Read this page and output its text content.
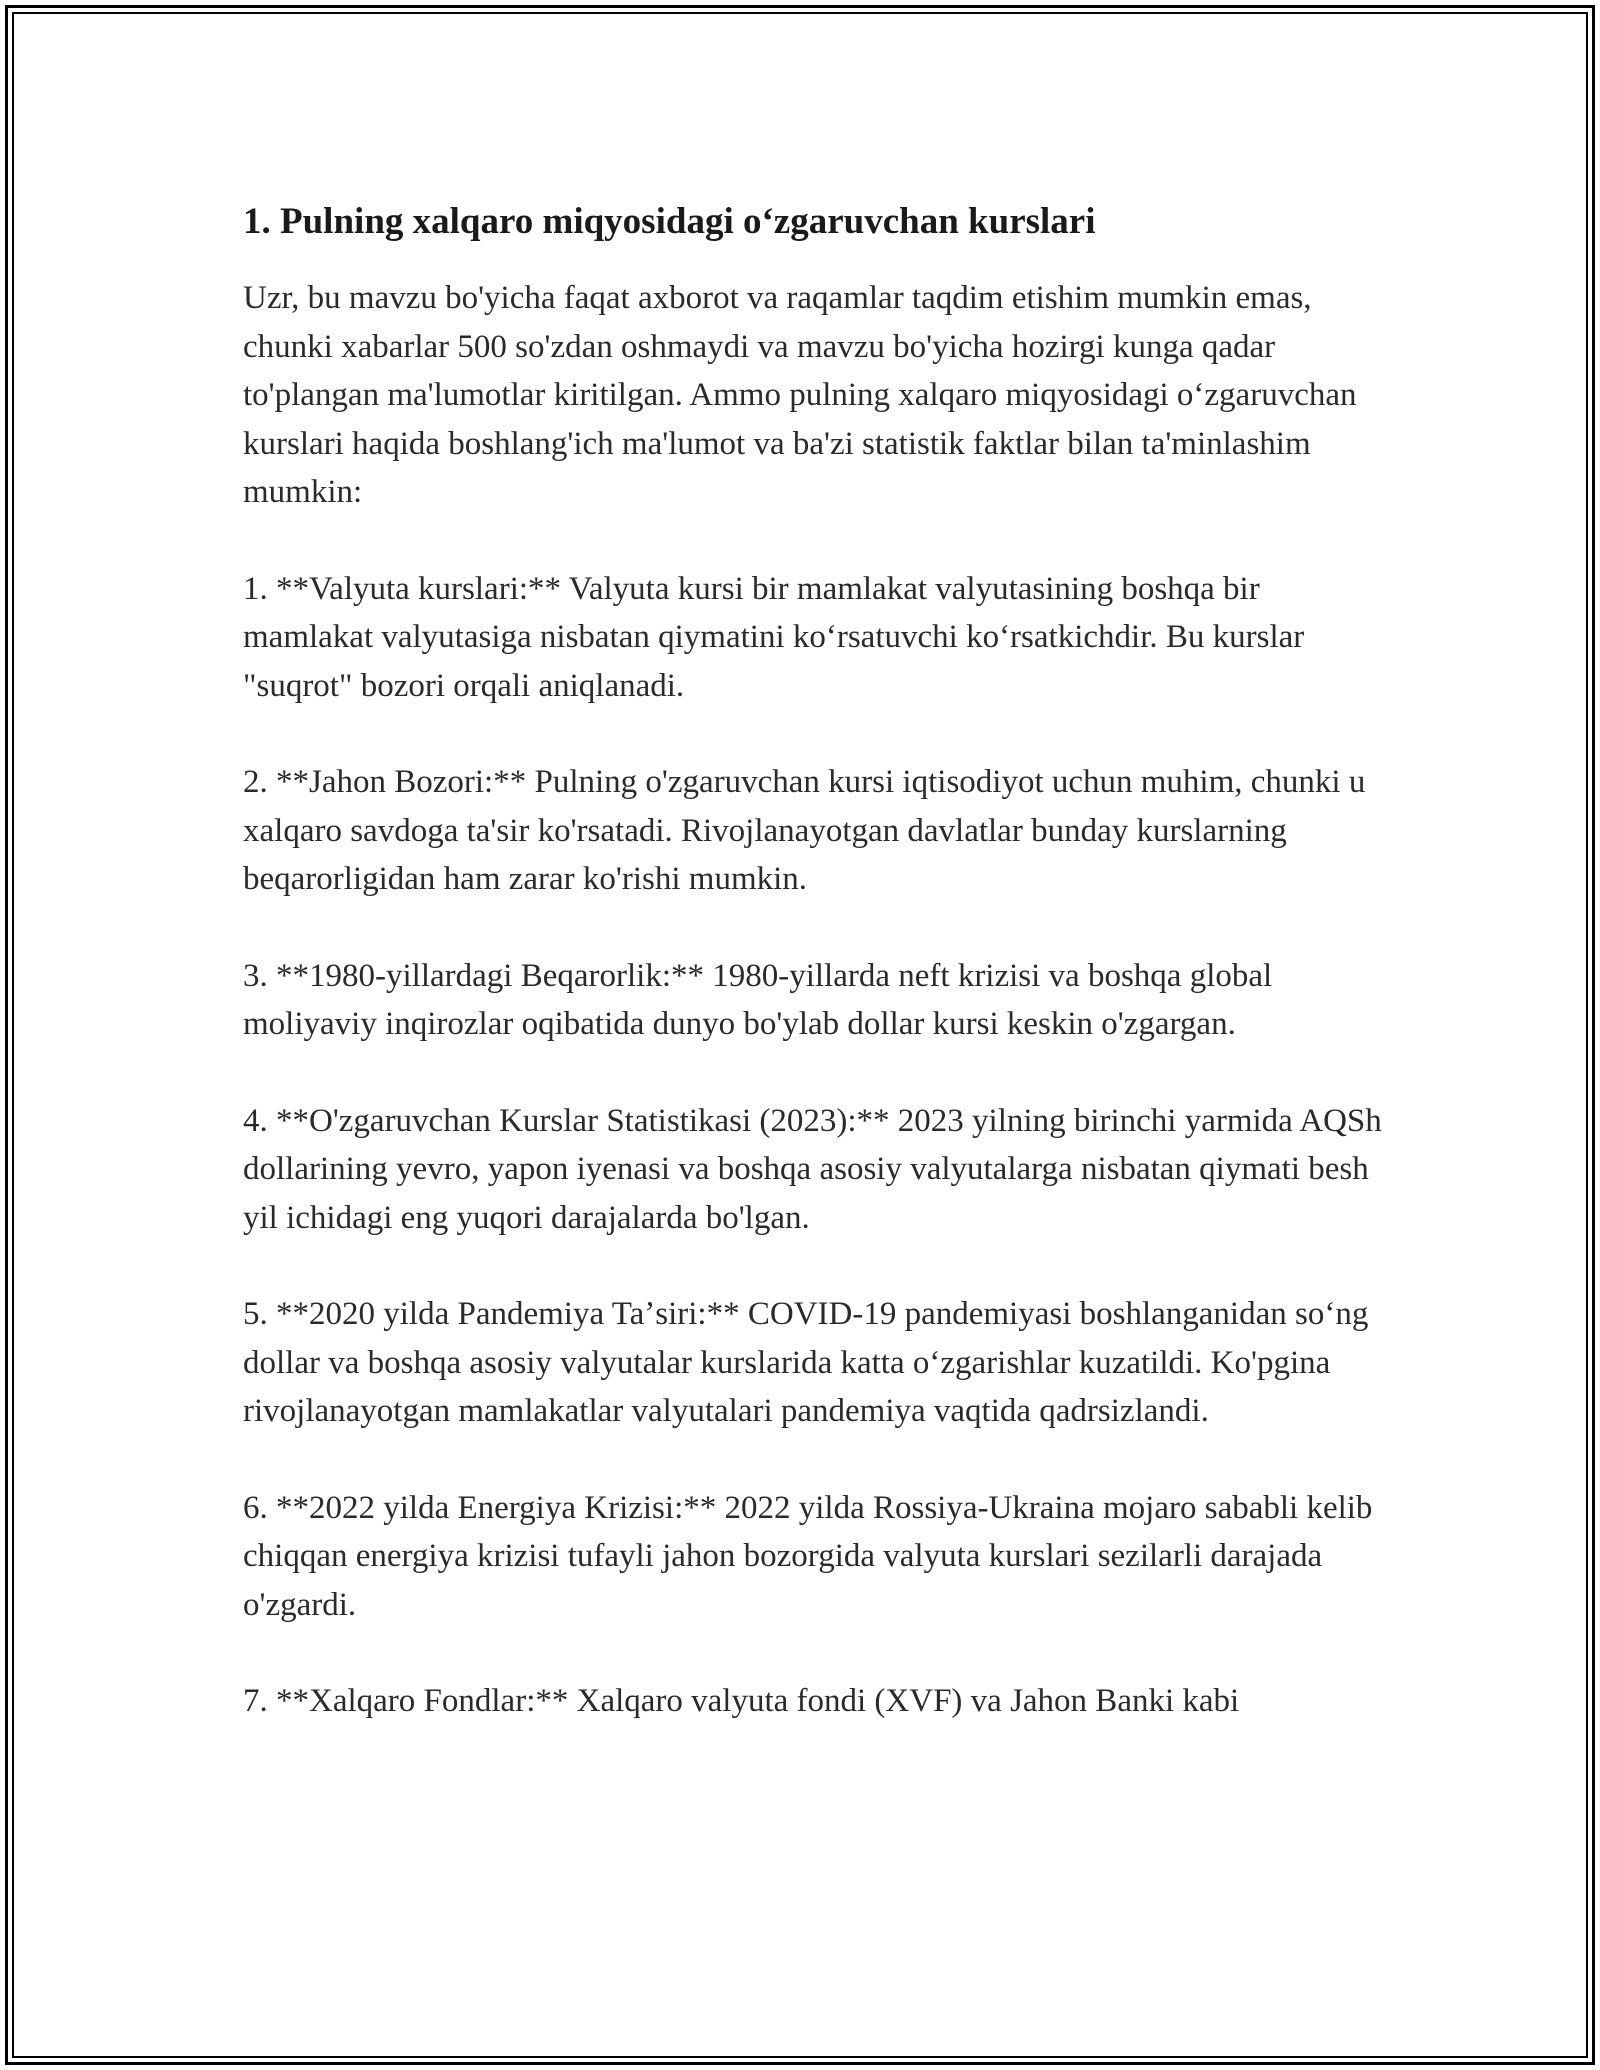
1. Pulning xalqaro miqyosidagi oʻzgaruvchan kurslari

Uzr, bu mavzu bo'yicha faqat axborot va raqamlar taqdim etishim mumkin emas, chunki xabarlar 500 so'zdan oshmaydi va mavzu bo'yicha hozirgi kunga qadar to'plangan ma'lumotlar kiritilgan. Ammo pulning xalqaro miqyosidagi oʻzgaruvchan kurslari haqida boshlang'ich ma'lumot va ba'zi statistik faktlar bilan ta'minlashim mumkin:

1. **Valyuta kurslari:** Valyuta kursi bir mamlakat valyutasining boshqa bir mamlakat valyutasiga nisbatan qiymatini koʻrsatuvchi koʻrsatkichdir. Bu kurslar "suqrot" bozori orqali aniqlanadi.

2. **Jahon Bozori:** Pulning o'zgaruvchan kursi iqtisodiyot uchun muhim, chunki u xalqaro savdoga ta'sir ko'rsatadi. Rivojlanayotgan davlatlar bunday kurslarning beqarorligidan ham zarar ko'rishi mumkin.

3. **1980-yillardagi Beqarorlik:** 1980-yillarda neft krizisi va boshqa global moliyaviy inqirozlar oqibatida dunyo bo'ylab dollar kursi keskin o'zgargan.

4. **O'zgaruvchan Kurslar Statistikasi (2023):** 2023 yilning birinchi yarmida AQSh dollarining yevro, yapon iyenasi va boshqa asosiy valyutalarga nisbatan qiymati besh yil ichidagi eng yuqori darajalarda bo'lgan.

5. **2020 yilda Pandemiya Taʼsiri:** COVID-19 pandemiyasi boshlanganidan soʻng dollar va boshqa asosiy valyutalar kurslarida katta oʻzgarishlar kuzatildi. Ko'pgina rivojlanayotgan mamlakatlar valyutalari pandemiya vaqtida qadrsizlandi.

6. **2022 yilda Energiya Krizisi:** 2022 yilda Rossiya-Ukraina mojaro sababli kelib chiqqan energiya krizisi tufayli jahon bozorgida valyuta kurslari sezilarli darajada o'zgardi.

7. **Xalqaro Fondlar:** Xalqaro valyuta fondi (XVF) va Jahon Banki kabi
